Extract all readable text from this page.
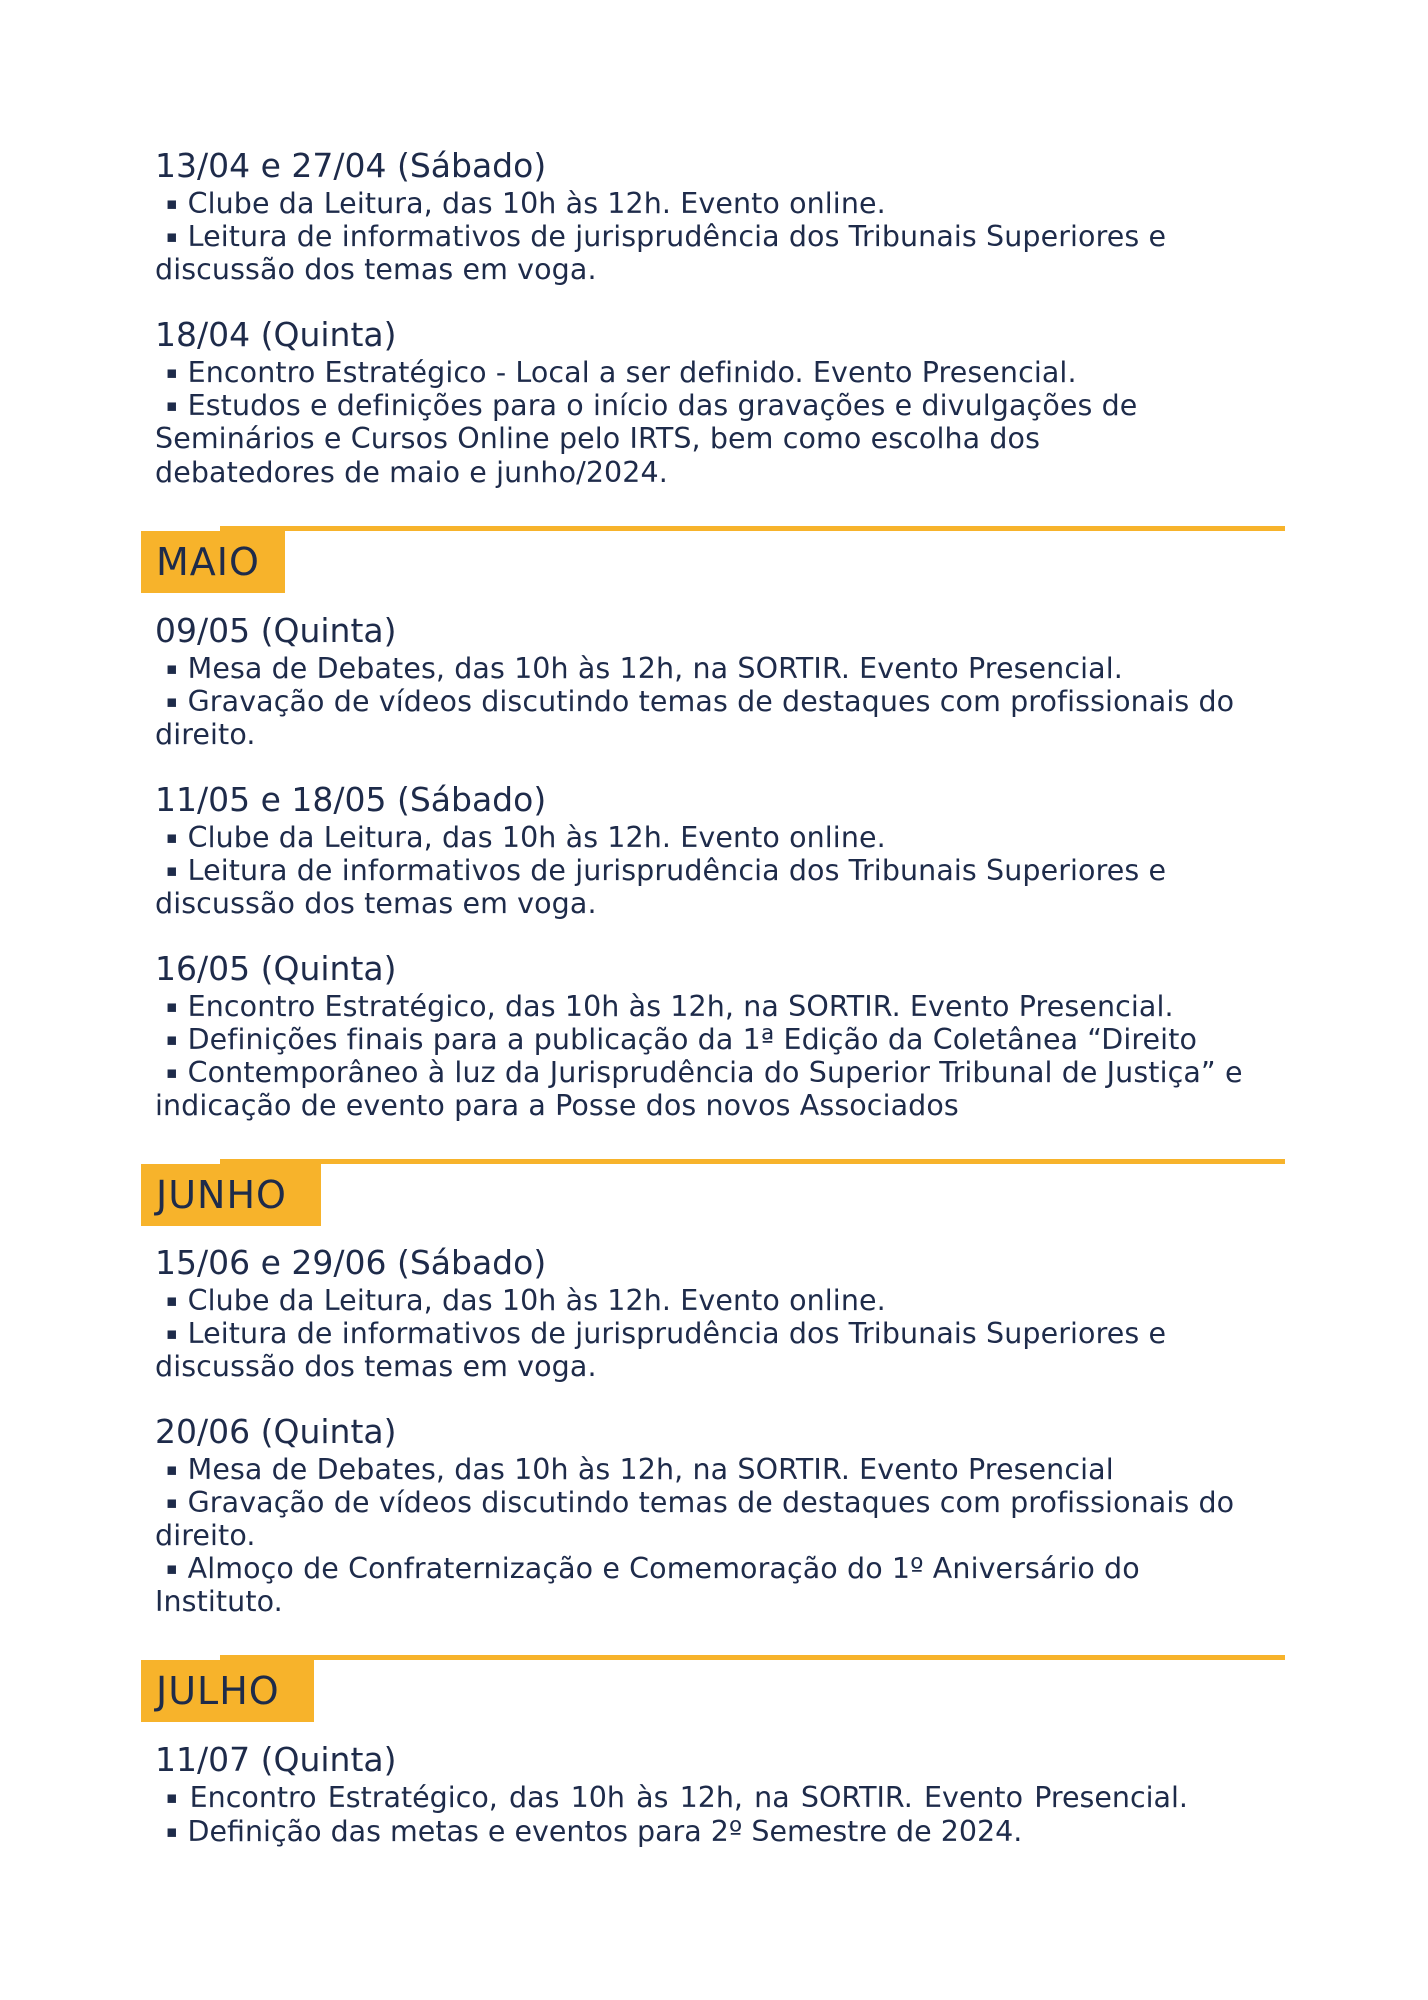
13/04 e 27/04 (Sábado)
▪ Clube da Leitura, das 10h às 12h. Evento online.
▪ Leitura de informativos de jurisprudência dos Tribunais Superiores e
discussão dos temas em voga.
18/04 (Quinta)
▪ Encontro Estratégico - Local a ser definido. Evento Presencial.
▪ Estudos e definições para o início das gravações e divulgações de
Seminários e Cursos Online pelo IRTS, bem como escolha dos
debatedores de maio e junho/2024.
MAIO
09/05 (Quinta)
▪ Mesa de Debates, das 10h às 12h, na SORTIR. Evento Presencial.
▪ Gravação de vídeos discutindo temas de destaques com profissionais do
direito.
11/05 e 18/05 (Sábado)
▪ Clube da Leitura, das 10h às 12h. Evento online.
▪ Leitura de informativos de jurisprudência dos Tribunais Superiores e
discussão dos temas em voga.
16/05 (Quinta)
▪ Encontro Estratégico, das 10h às 12h, na SORTIR. Evento Presencial.
▪ Definições finais para a publicação da 1ª Edição da Coletânea “Direito
▪ Contemporâneo à luz da Jurisprudência do Superior Tribunal de Justiça” e
indicação de evento para a Posse dos novos Associados
JUNHO
15/06 e 29/06 (Sábado)
▪ Clube da Leitura, das 10h às 12h. Evento online.
▪ Leitura de informativos de jurisprudência dos Tribunais Superiores e
discussão dos temas em voga.
20/06 (Quinta)
▪ Mesa de Debates, das 10h às 12h, na SORTIR. Evento Presencial
▪ Gravação de vídeos discutindo temas de destaques com profissionais do
direito.
▪ Almoço de Confraternização e Comemoração do 1º Aniversário do
Instituto.
JULHO
11/07 (Quinta)
▪ Encontro Estratégico, das 10h às 12h, na SORTIR. Evento Presencial. ▪ Definição das metas e eventos para 2º Semestre de 2024.
